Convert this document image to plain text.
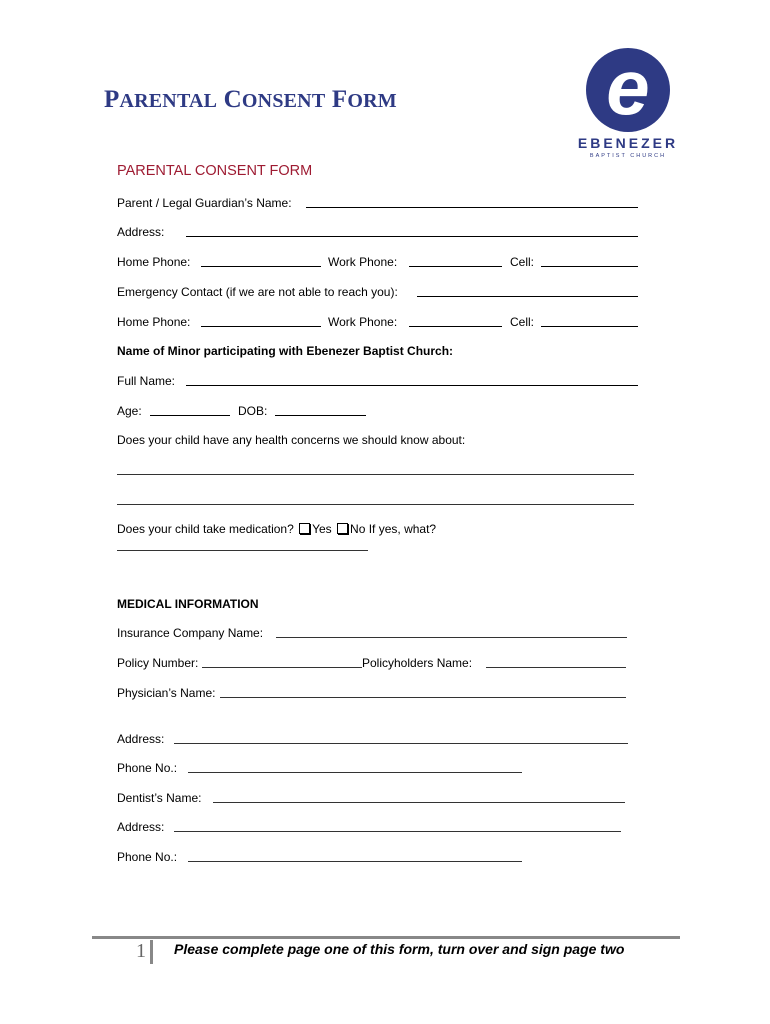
PARENTAL CONSENT FORM	e
EBENEZER
BAPTIST CHURCH
PARENTAL CONSENT FORM
Parent / Legal Guardian’s Name:
Address:
Home Phone:	Work Phone:	Cell:
Emergency Contact (if we are not able to reach you):
Home Phone:	Work Phone:	Cell:
Name of Minor participating with Ebenezer Baptist Church:
Full Name:
Age:	DOB:
Does your child have any health concerns we should know about:
Does your child take medication? Yes No If yes, what?
MEDICAL INFORMATION
Insurance Company Name:
Policy Number:	Policyholders Name:
Physician’s Name:
Address:
Phone No.:
Dentist’s Name:
Address:
Phone No.:
1 Please complete page one of this form, turn over and sign page two
